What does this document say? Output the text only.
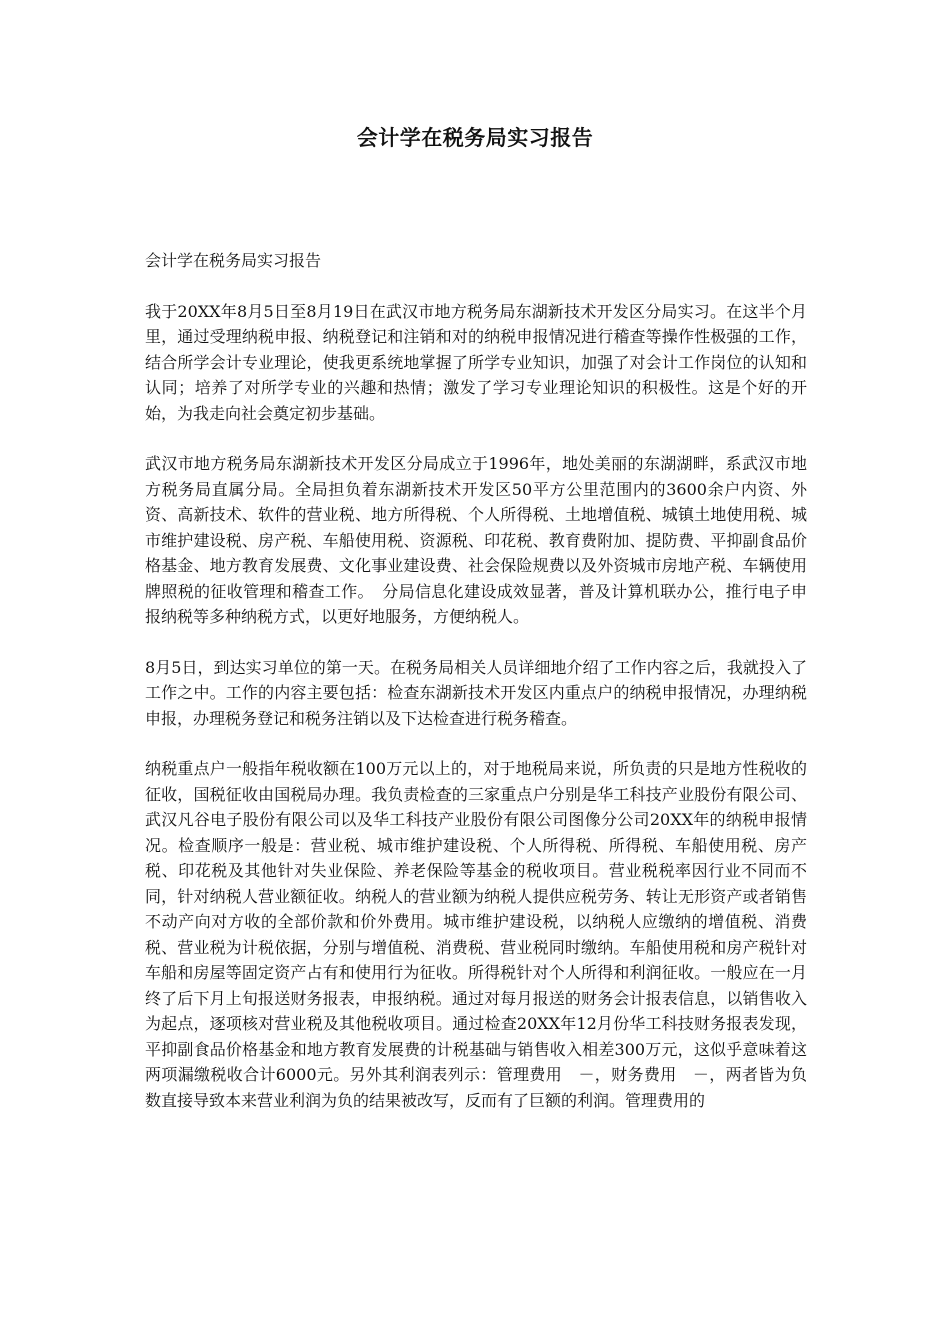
会计学在税务局实习报告

会计学在税务局实习报告

我于20XX年8月5日至8月19日在武汉市地方税务局东湖新技术开发区分局实习。在这半个月里，通过受理纳税申报、纳税登记和注销和对的纳税申报情况进行稽查等操作性极强的工作，结合所学会计专业理论，使我更系统地掌握了所学专业知识，加强了对会计工作岗位的认知和认同；培养了对所学专业的兴趣和热情；激发了学习专业理论知识的积极性。这是个好的开始，为我走向社会奠定初步基础。

武汉市地方税务局东湖新技术开发区分局成立于1996年，地处美丽的东湖湖畔，系武汉市地方税务局直属分局。全局担负着东湖新技术开发区50平方公里范围内的3600余户内资、外资、高新技术、软件的营业税、地方所得税、个人所得税、土地增值税、城镇土地使用税、城市维护建设税、房产税、车船使用税、资源税、印花税、教育费附加、提防费、平抑副食品价格基金、地方教育发展费、文化事业建设费、社会保险规费以及外资城市房地产税、车辆使用牌照税的征收管理和稽查工作。　分局信息化建设成效显著，普及计算机联办公，推行电子申报纳税等多种纳税方式，以更好地服务，方便纳税人。

8月5日，到达实习单位的第一天。在税务局相关人员详细地介绍了工作内容之后，我就投入了工作之中。工作的内容主要包括：检查东湖新技术开发区内重点户的纳税申报情况，办理纳税申报，办理税务登记和税务注销以及下达检查进行税务稽查。

纳税重点户一般指年税收额在100万元以上的，对于地税局来说，所负责的只是地方性税收的征收，国税征收由国税局办理。我负责检查的三家重点户分别是华工科技产业股份有限公司、武汉凡谷电子股份有限公司以及华工科技产业股份有限公司图像分公司20XX年的纳税申报情况。检查顺序一般是：营业税、城市维护建设税、个人所得税、所得税、车船使用税、房产税、印花税及其他针对失业保险、养老保险等基金的税收项目。营业税税率因行业不同而不同，针对纳税人营业额征收。纳税人的营业额为纳税人提供应税劳务、转让无形资产或者销售不动产向对方收的全部价款和价外费用。城市维护建设税，以纳税人应缴纳的增值税、消费税、营业税为计税依据，分别与增值税、消费税、营业税同时缴纳。车船使用税和房产税针对车船和房屋等固定资产占有和使用行为征收。所得税针对个人所得和利润征收。一般应在一月终了后下月上旬报送财务报表，申报纳税。通过对每月报送的财务会计报表信息，以销售收入为起点，逐项核对营业税及其他税收项目。通过检查20XX年12月份华工科技财务报表发现，平抑副食品价格基金和地方教育发展费的计税基础与销售收入相差300万元，这似乎意味着这两项漏缴税收合计6000元。另外其利润表列示：管理费用　－，财务费用　－，两者皆为负数直接导致本来营业利润为负的结果被改写，反而有了巨额的利润。管理费用的
